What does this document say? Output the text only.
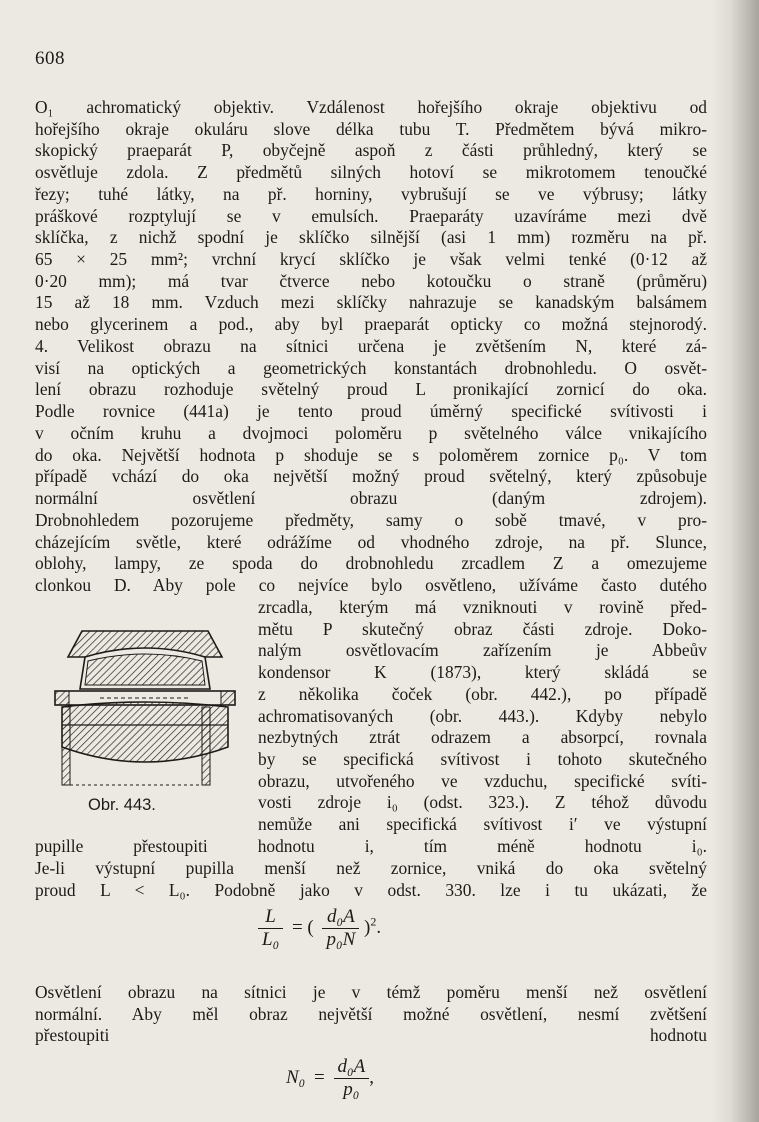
608
O₁ achromatický objektiv. Vzdálenost hořejšího okraje objektivu od
hořejšího okraje okuláru slove délka tubu T. Předmětem bývá mikro-
skopický praeparát P, obyčejně aspoň z části průhledný, který se
osvětluje zdola. Z předmětů silných hotoví se mikrotomem tenoučké
řezy; tuhé látky, na př. horniny, vybrušují se ve výbrusy; látky
práškové rozptylují se v emulsích. Praeparáty uzavíráme mezi dvě
sklíčka, z nichž spodní je sklíčko silnější (asi 1 mm) rozměru na př.
65 × 25 mm²; vrchní krycí sklíčko je však velmi tenké (0·12 až
0·20 mm); má tvar čtverce nebo kotoučku o straně (průměru)
15 až 18 mm. Vzduch mezi sklíčky nahrazuje se kanadským balsámem
nebo glycerinem a pod., aby byl praeparát opticky co možná stejnorodý.
4. Velikost obrazu na sítnici určena je zvětšením N, které zá-
visí na optických a geometrických konstantách drobnohledu. O osvět-
lení obrazu rozhoduje světelný proud L pronikající zornicí do oka.
Podle rovnice (441a) je tento proud úměrný specifické svítivosti i
v očním kruhu a dvojmoci poloměru p světelného válce vnikajícího
do oka. Největší hodnota p shoduje se s poloměrem zornice p₀. V tom
případě vchází do oka největší možný proud světelný, který způsobuje
normální osvětlení obrazu (daným zdrojem).
Drobnohledem pozorujeme předměty, samy o sobě tmavé, v pro-
cházejícím světle, které odrážíme od vhodného zdroje, na př. Slunce,
oblohy, lampy, ze spoda do drobnohledu zrcadlem Z a omezujeme
clonkou D. Aby pole co nejvíce bylo osvětleno, užíváme často dutého
Obr. 443.
zrcadla, kterým má vzniknouti v rovině před-
mětu P skutečný obraz části zdroje. Doko-
nalým osvětlovacím zařízením je Abbeův
kondensor K (1873), který skládá se
z několika čoček (obr. 442.), po případě
achromatisovaných (obr. 443.). Kdyby nebylo
nezbytných ztrát odrazem a absorpcí, rovnala
by se specifická svítivost i tohoto skutečného
obrazu, utvořeného ve vzduchu, specifické svíti-
vosti zdroje i₀ (odst. 323.). Z téhož důvodu
nemůže ani specifická svítivost i′ ve výstupní
pupille přestoupiti hodnotu i, tím méně hodnotu i₀.
Je-li výstupní pupilla menší než zornice, vniká do oka světelný
proud L < L₀. Podobně jako v odst. 330. lze i tu ukázati, že
$\frac{L}{\text{L₀}}$ = ( $\frac{\text{d₀A}}{\text{p₀N}} )^2$.
Osvětlení obrazu na sítnici je v témž poměru menší než osvětlení
normální. Aby měl obraz největší možné osvětlení, nesmí zvětšení
přestoupiti hodnotu
$N_0 = \frac{\text{d₀A}}{\text{p₀}}$ ,
